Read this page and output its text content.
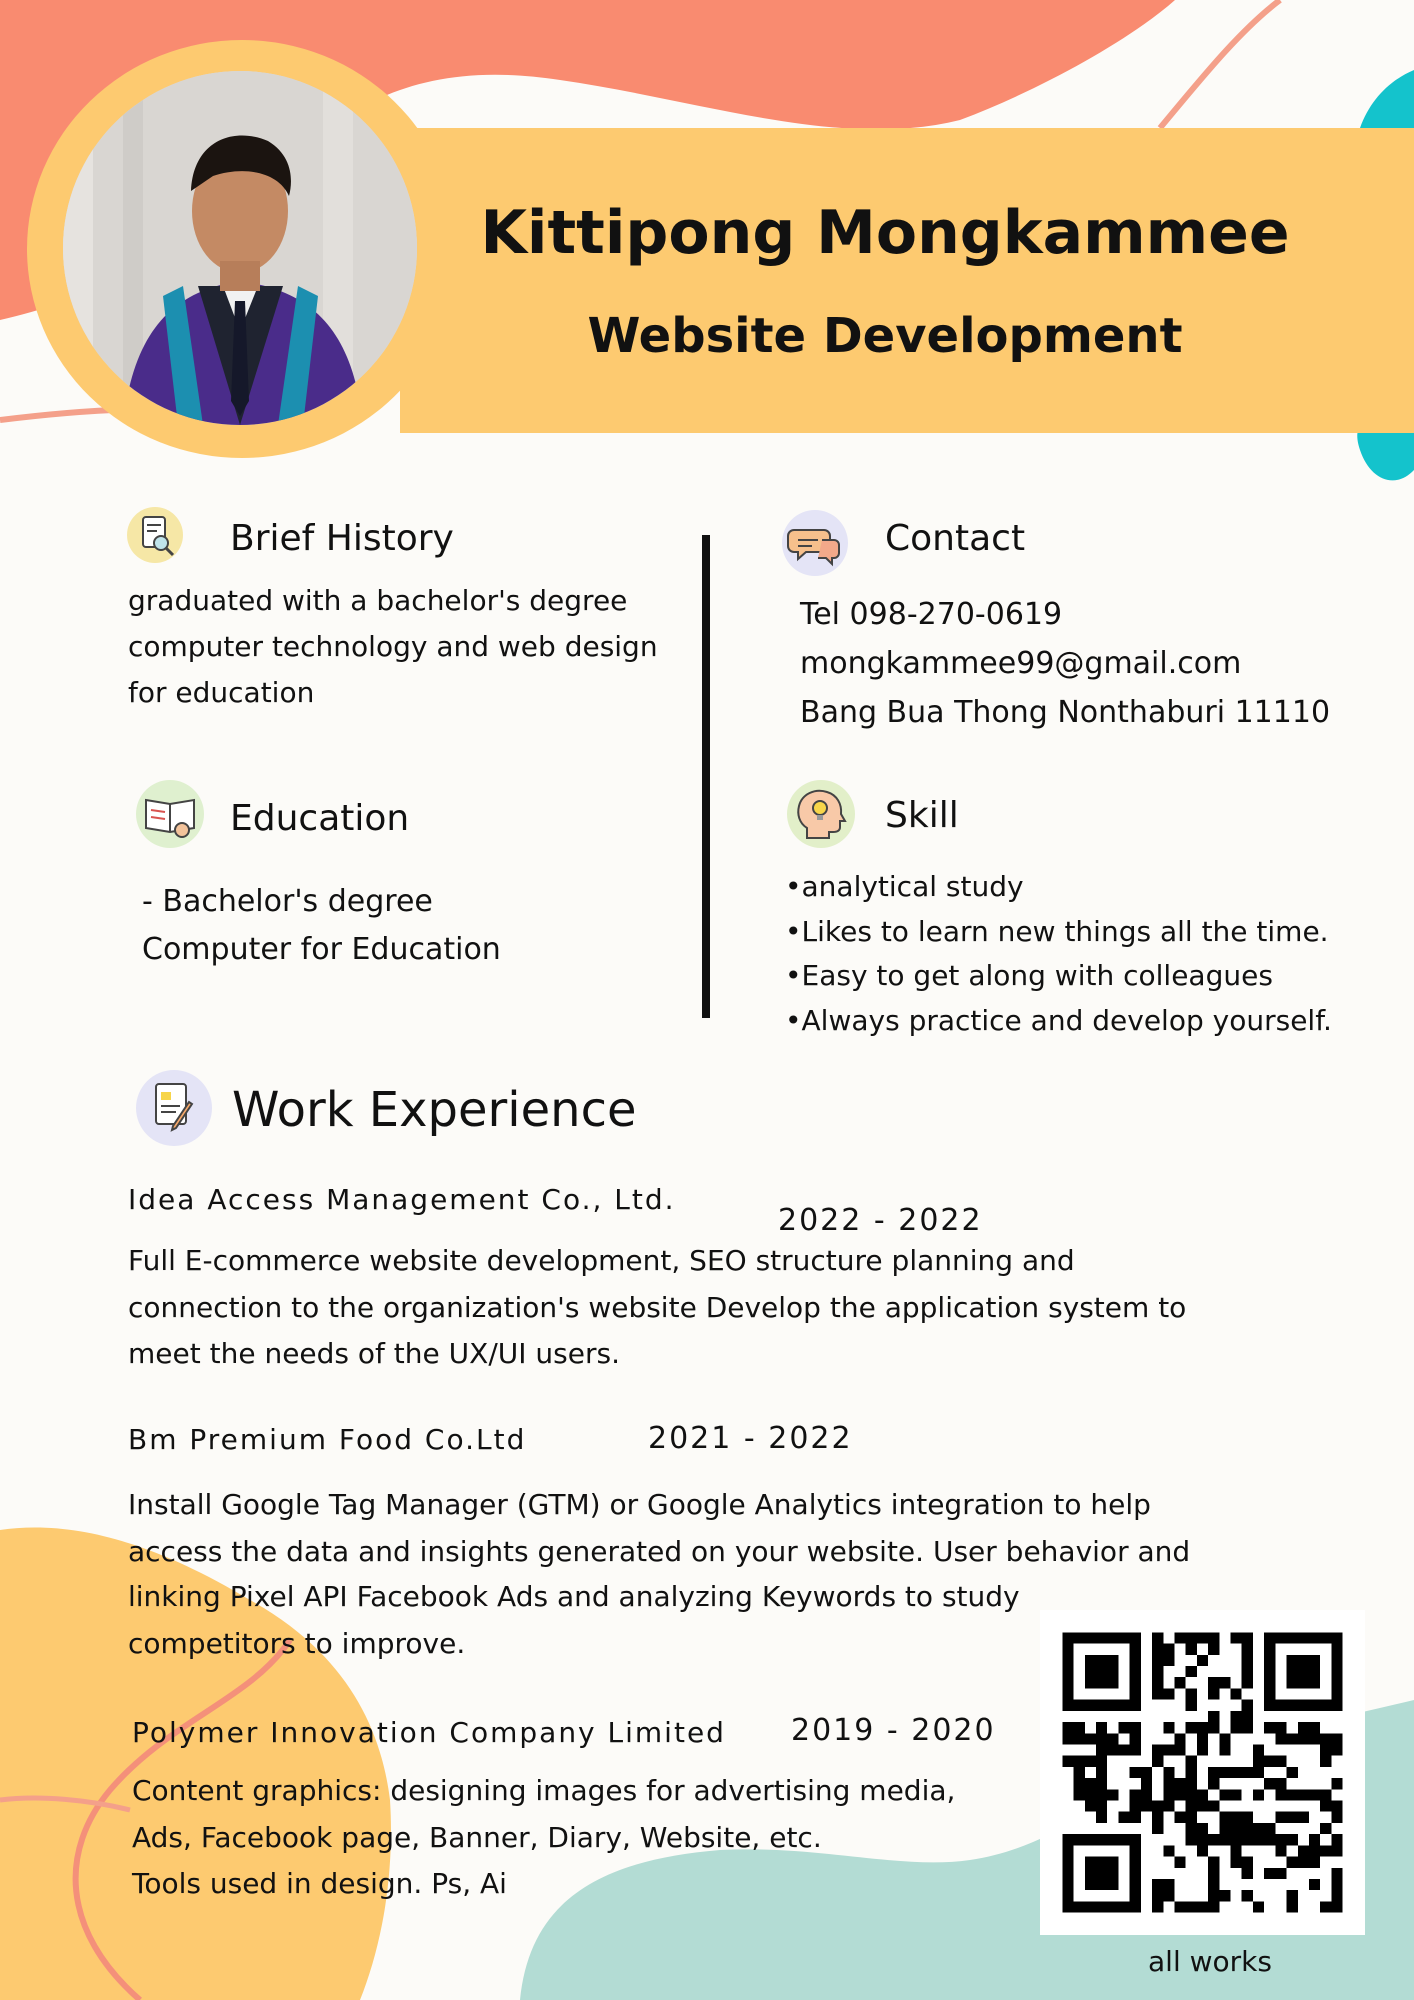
Kittipong Mongkammee
Website Development
Brief History
graduated with a bachelor's degree
computer technology and web design
for education
Contact
Tel 098-270-0619
mongkammee99@gmail.com
Bang Bua Thong Nonthaburi 11110
Education
- Bachelor's degree
Computer for Education
Skill
•analytical study
•Likes to learn new things all the time.
•Easy to get along with colleagues
•Always practice and develop yourself.
Work Experience
Idea Access Management Co., Ltd.
2022 - 2022
Full E-commerce website development, SEO structure planning and
connection to the organization's website Develop the application system to
meet the needs of the UX/UI users.
Bm Premium Food Co.Ltd	2021 - 2022
Install Google Tag Manager (GTM) or Google Analytics integration to help
access the data and insights generated on your website. User behavior and
linking Pixel API Facebook Ads and analyzing Keywords to study
competitors to improve.
Polymer Innovation Company Limited 2019 - 2020
Content graphics: designing images for advertising media,
Ads, Facebook page, Banner, Diary, Website, etc.
Tools used in design. Ps, Ai
all works
